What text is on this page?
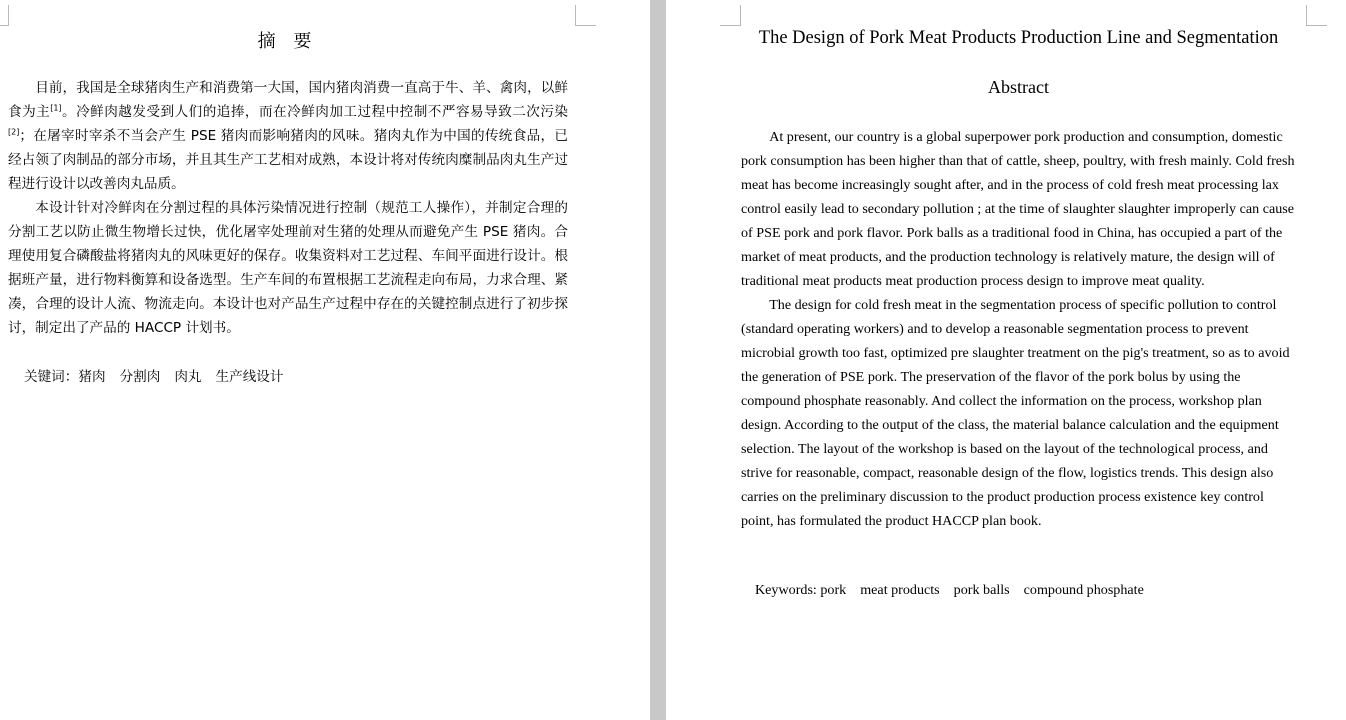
摘 要

目前，我国是全球猪肉生产和消费第一大国，国内猪肉消费一直高于牛、羊、禽肉，以鲜食为主[1]。冷鲜肉越发受到人们的追捧，而在冷鲜肉加工过程中控制不严容易导致二次污染[2]；在屠宰时宰杀不当会产生 PSE 猪肉而影响猪肉的风味。猪肉丸作为中国的传统食品，已经占领了肉制品的部分市场，并且其生产工艺相对成熟，本设计将对传统肉糜制品肉丸生产过程进行设计以改善肉丸品质。

本设计针对冷鲜肉在分割过程的具体污染情况进行控制（规范工人操作），并制定合理的分割工艺以防止微生物增长过快，优化屠宰处理前对生猪的处理从而避免产生 PSE 猪肉。合理使用复合磷酸盐将猪肉丸的风味更好的保存。收集资料对工艺过程、车间平面进行设计。根据班产量，进行物料衡算和设备选型。生产车间的布置根据工艺流程走向布局，力求合理、紧凑，合理的设计人流、物流走向。本设计也对产品生产过程中存在的关键控制点进行了初步探讨，制定出了产品的 HACCP 计划书。

关键词：猪肉 分割肉 肉丸 生产线设计
The Design of Pork Meat Products Production Line and Segmentation
Abstract

At present, our country is a global superpower pork production and consumption, domestic pork consumption has been higher than that of cattle, sheep, poultry, with fresh mainly. Cold fresh meat has become increasingly sought after, and in the process of cold fresh meat processing lax control easily lead to secondary pollution ; at the time of slaughter slaughter improperly can cause of PSE pork and pork flavor. Pork balls as a traditional food in China, has occupied a part of the market of meat products, and the production technology is relatively mature, the design will of traditional meat products meat production process design to improve meat quality.

The design for cold fresh meat in the segmentation process of specific pollution to control (standard operating workers) and to develop a reasonable segmentation process to prevent microbial growth too fast, optimized pre slaughter treatment on the pig's treatment, so as to avoid the generation of PSE pork. The preservation of the flavor of the pork bolus by using the compound phosphate reasonably. And collect the information on the process, workshop plan design. According to the output of the class, the material balance calculation and the equipment selection. The layout of the workshop is based on the layout of the technological process, and strive for reasonable, compact, reasonable design of the flow, logistics trends. This design also carries on the preliminary discussion to the product production process existence key control point, has formulated the product HACCP plan book.

Keywords: pork meat products pork balls compound phosphate
